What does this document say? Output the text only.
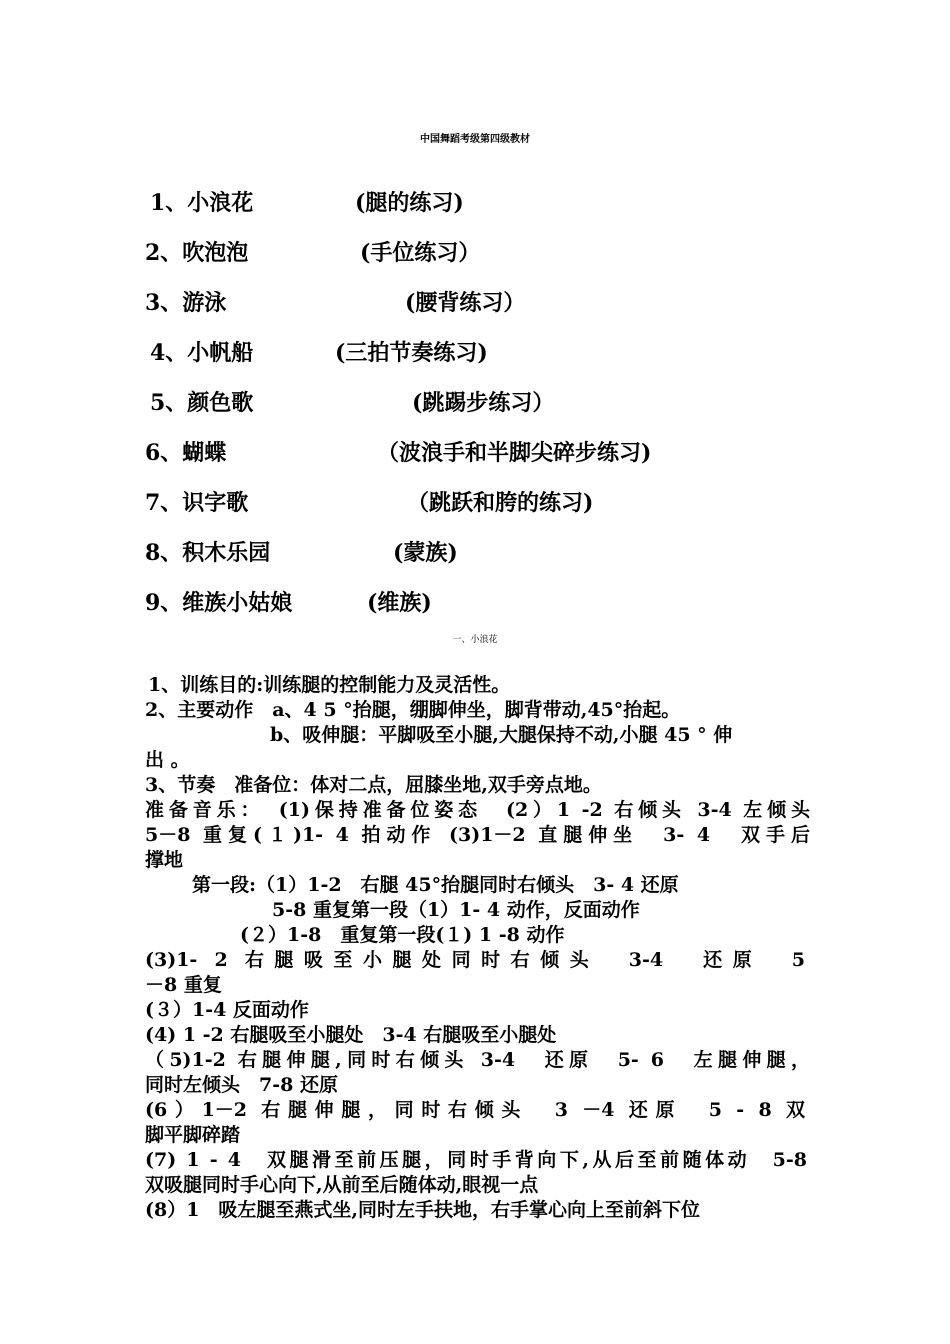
中国舞蹈考级第四级教材
1、小浪花	(腿的练习)
2、吹泡泡	(手位练习）
3、游泳	(腰背练习）
4、小帆船	(三拍节奏练习)
5、颜色歌	(跳踢步练习）
6、蝴蝶	（波浪手和半脚尖碎步练习)
7、识字歌	（跳跃和胯的练习)
8、积木乐园	(蒙族)
9、维族小姑娘	(维族)
一、小浪花
1、训练目的:训练腿的控制能力及灵活性。
2、主要动作　a、4 5 °抬腿，绷脚伸坐，脚背带动,45°抬起。
b、吸伸腿：平脚吸至小腿,大腿保持不动,小腿 45 ° 伸
出 。
3、节奏　准备位：体对二点，屈膝坐地,双手旁点地。
准备音乐：　(1)保持准备位姿态　(2）1 -2 右倾头 3-4 左倾头
5－8 重复(１)1- 4 拍动作 (3)1－2 直腿伸坐　3- 4　双手后
撑地
第一段:（1）1-2　右腿 45°抬腿同时右倾头　3- 4 还原
5-8 重复第一段（1）1- 4 动作，反面动作
(２）1-8　重复第一段(１) 1 -8 动作
(3)1- 2 右腿吸至小腿处同时右倾头　3-4　还原　5
－8 重复
(３）1-4 反面动作
(4) 1 -2 右腿吸至小腿处　3-4 右腿吸至小腿处
（5)1-2 右腿伸腿,同时右倾头 3-4　还原　5- 6　左腿伸腿，
同时左倾头　7-8 还原
(6）1－2 右腿伸腿，同时右倾头　3 －4 还原　5 - 8 双
脚平脚碎踏
(7) 1 - 4　双腿滑至前压腿，同时手背向下,从后至前随体动　5-8
双吸腿同时手心向下,从前至后随体动,眼视一点
(8）1　吸左腿至燕式坐,同时左手扶地，右手掌心向上至前斜下位
